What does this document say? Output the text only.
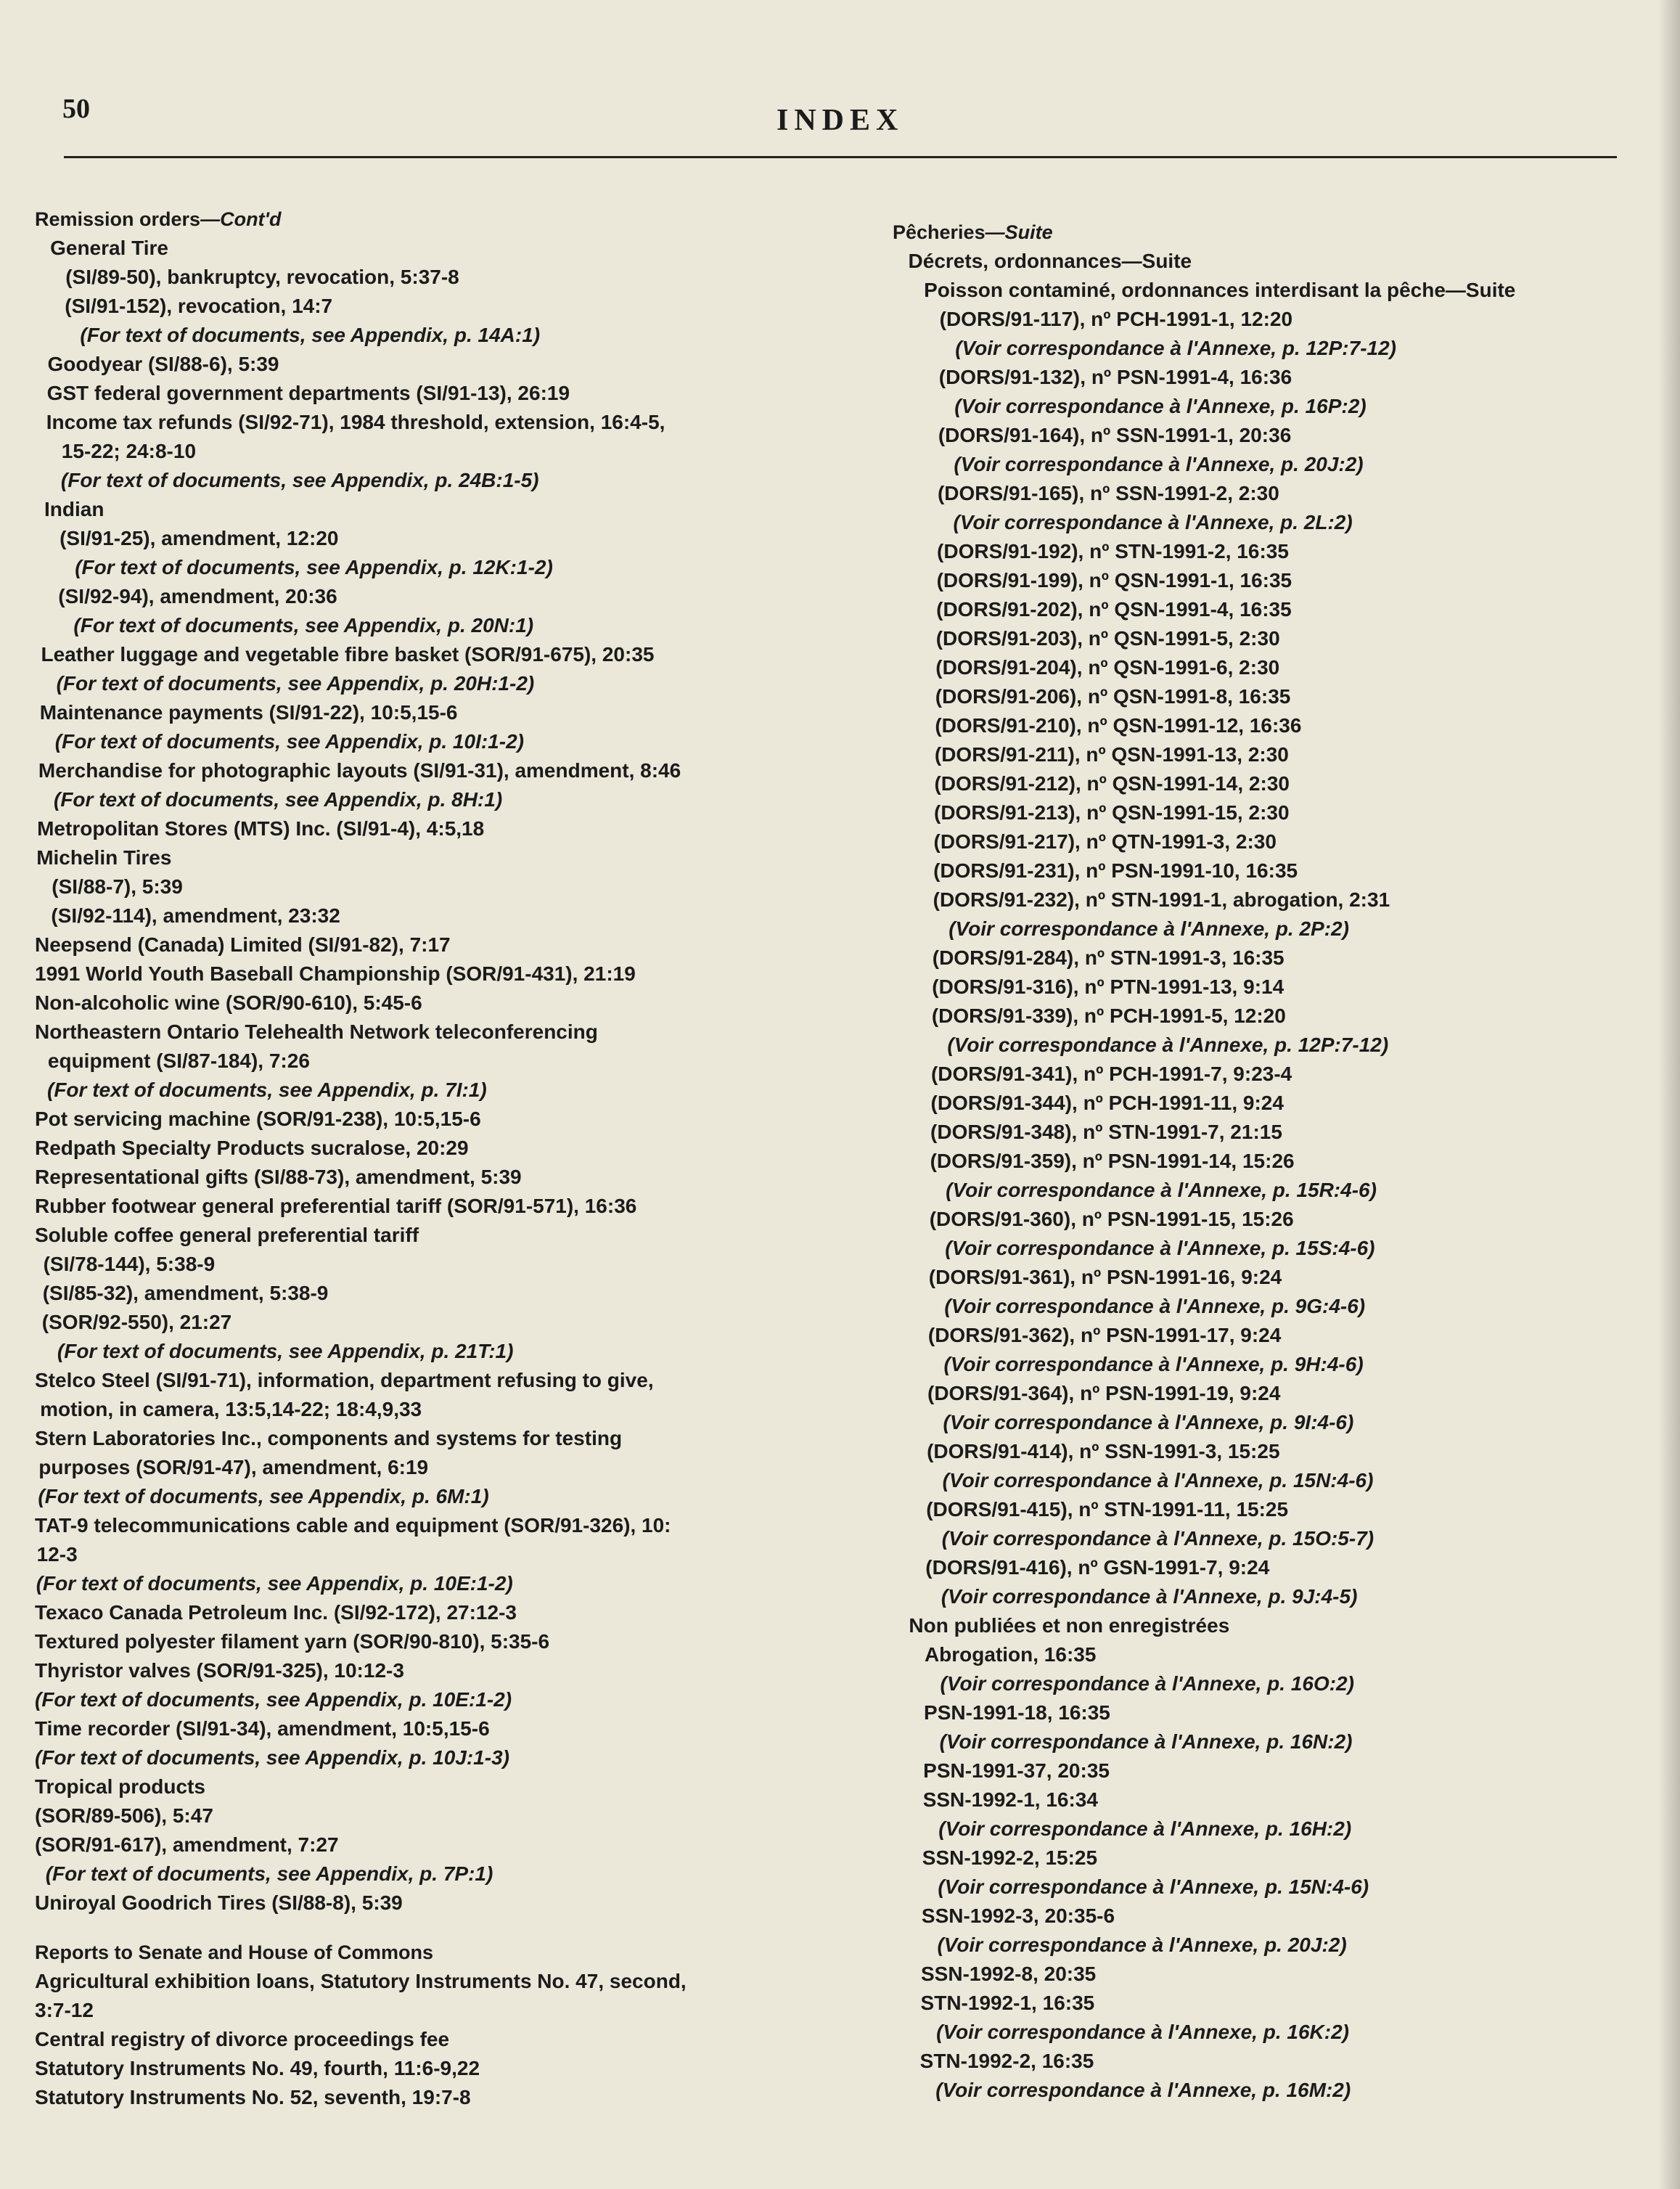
50	INDEX
Remission orders—Cont'd
General Tire
(SI/89-50), bankruptcy, revocation, 5:37-8
(SI/91-152), revocation, 14:7
(For text of documents, see Appendix, p. 14A:1)
Goodyear (SI/88-6), 5:39
GST federal government departments (SI/91-13), 26:19
Income tax refunds (SI/92-71), 1984 threshold, extension, 16:4-5,
15-22; 24:8-10
(For text of documents, see Appendix, p. 24B:1-5)
Indian
(SI/91-25), amendment, 12:20
(For text of documents, see Appendix, p. 12K:1-2)
(SI/92-94), amendment, 20:36
(For text of documents, see Appendix, p. 20N:1)
Leather luggage and vegetable fibre basket (SOR/91-675), 20:35
(For text of documents, see Appendix, p. 20H:1-2)
Maintenance payments (SI/91-22), 10:5,15-6
(For text of documents, see Appendix, p. 10I:1-2)
Merchandise for photographic layouts (SI/91-31), amendment, 8:46
(For text of documents, see Appendix, p. 8H:1)
Metropolitan Stores (MTS) Inc. (SI/91-4), 4:5,18
Michelin Tires
(SI/88-7), 5:39
(SI/92-114), amendment, 23:32
Neepsend (Canada) Limited (SI/91-82), 7:17
1991 World Youth Baseball Championship (SOR/91-431), 21:19
Non-alcoholic wine (SOR/90-610), 5:45-6
Northeastern Ontario Telehealth Network teleconferencing
equipment (SI/87-184), 7:26
(For text of documents, see Appendix, p. 7I:1)
Pot servicing machine (SOR/91-238), 10:5,15-6
Redpath Specialty Products sucralose, 20:29
Representational gifts (SI/88-73), amendment, 5:39
Rubber footwear general preferential tariff (SOR/91-571), 16:36
Soluble coffee general preferential tariff
(SI/78-144), 5:38-9
(SI/85-32), amendment, 5:38-9
(SOR/92-550), 21:27
(For text of documents, see Appendix, p. 21T:1)
Stelco Steel (SI/91-71), information, department refusing to give,
motion, in camera, 13:5,14-22; 18:4,9,33
Stern Laboratories Inc., components and systems for testing
purposes (SOR/91-47), amendment, 6:19
(For text of documents, see Appendix, p. 6M:1)
TAT-9 telecommunications cable and equipment (SOR/91-326), 10:
12-3
(For text of documents, see Appendix, p. 10E:1-2)
Texaco Canada Petroleum Inc. (SI/92-172), 27:12-3
Textured polyester filament yarn (SOR/90-810), 5:35-6
Thyristor valves (SOR/91-325), 10:12-3
(For text of documents, see Appendix, p. 10E:1-2)
Time recorder (SI/91-34), amendment, 10:5,15-6
(For text of documents, see Appendix, p. 10J:1-3)
Tropical products
(SOR/89-506), 5:47
(SOR/91-617), amendment, 7:27
(For text of documents, see Appendix, p. 7P:1)
Uniroyal Goodrich Tires (SI/88-8), 5:39
Reports to Senate and House of Commons
Agricultural exhibition loans, Statutory Instruments No. 47, second,
3:7-12
Central registry of divorce proceedings fee
Statutory Instruments No. 49, fourth, 11:6-9,22
Statutory Instruments No. 52, seventh, 19:7-8
Pêcheries—Suite
Décrets, ordonnances—Suite
Poisson contaminé, ordonnances interdisant la pêche—Suite
(DORS/91-117), nº PCH-1991-1, 12:20
(Voir correspondance à l'Annexe, p. 12P:7-12)
(DORS/91-132), nº PSN-1991-4, 16:36
(Voir correspondance à l'Annexe, p. 16P:2)
(DORS/91-164), nº SSN-1991-1, 20:36
(Voir correspondance à l'Annexe, p. 20J:2)
(DORS/91-165), nº SSN-1991-2, 2:30
(Voir correspondance à l'Annexe, p. 2L:2)
(DORS/91-192), nº STN-1991-2, 16:35
(DORS/91-199), nº QSN-1991-1, 16:35
(DORS/91-202), nº QSN-1991-4, 16:35
(DORS/91-203), nº QSN-1991-5, 2:30
(DORS/91-204), nº QSN-1991-6, 2:30
(DORS/91-206), nº QSN-1991-8, 16:35
(DORS/91-210), nº QSN-1991-12, 16:36
(DORS/91-211), nº QSN-1991-13, 2:30
(DORS/91-212), nº QSN-1991-14, 2:30
(DORS/91-213), nº QSN-1991-15, 2:30
(DORS/91-217), nº QTN-1991-3, 2:30
(DORS/91-231), nº PSN-1991-10, 16:35
(DORS/91-232), nº STN-1991-1, abrogation, 2:31
(Voir correspondance à l'Annexe, p. 2P:2)
(DORS/91-284), nº STN-1991-3, 16:35
(DORS/91-316), nº PTN-1991-13, 9:14
(DORS/91-339), nº PCH-1991-5, 12:20
(Voir correspondance à l'Annexe, p. 12P:7-12)
(DORS/91-341), nº PCH-1991-7, 9:23-4
(DORS/91-344), nº PCH-1991-11, 9:24
(DORS/91-348), nº STN-1991-7, 21:15
(DORS/91-359), nº PSN-1991-14, 15:26
(Voir correspondance à l'Annexe, p. 15R:4-6)
(DORS/91-360), nº PSN-1991-15, 15:26
(Voir correspondance à l'Annexe, p. 15S:4-6)
(DORS/91-361), nº PSN-1991-16, 9:24
(Voir correspondance à l'Annexe, p. 9G:4-6)
(DORS/91-362), nº PSN-1991-17, 9:24
(Voir correspondance à l'Annexe, p. 9H:4-6)
(DORS/91-364), nº PSN-1991-19, 9:24
(Voir correspondance à l'Annexe, p. 9I:4-6)
(DORS/91-414), nº SSN-1991-3, 15:25
(Voir correspondance à l'Annexe, p. 15N:4-6)
(DORS/91-415), nº STN-1991-11, 15:25
(Voir correspondance à l'Annexe, p. 15O:5-7)
(DORS/91-416), nº GSN-1991-7, 9:24
(Voir correspondance à l'Annexe, p. 9J:4-5)
Non publiées et non enregistrées
Abrogation, 16:35
(Voir correspondance à l'Annexe, p. 16O:2)
PSN-1991-18, 16:35
(Voir correspondance à l'Annexe, p. 16N:2)
PSN-1991-37, 20:35
SSN-1992-1, 16:34
(Voir correspondance à l'Annexe, p. 16H:2)
SSN-1992-2, 15:25
(Voir correspondance à l'Annexe, p. 15N:4-6)
SSN-1992-3, 20:35-6
(Voir correspondance à l'Annexe, p. 20J:2)
SSN-1992-8, 20:35
STN-1992-1, 16:35
(Voir correspondance à l'Annexe, p. 16K:2)
STN-1992-2, 16:35
(Voir correspondance à l'Annexe, p. 16M:2)
